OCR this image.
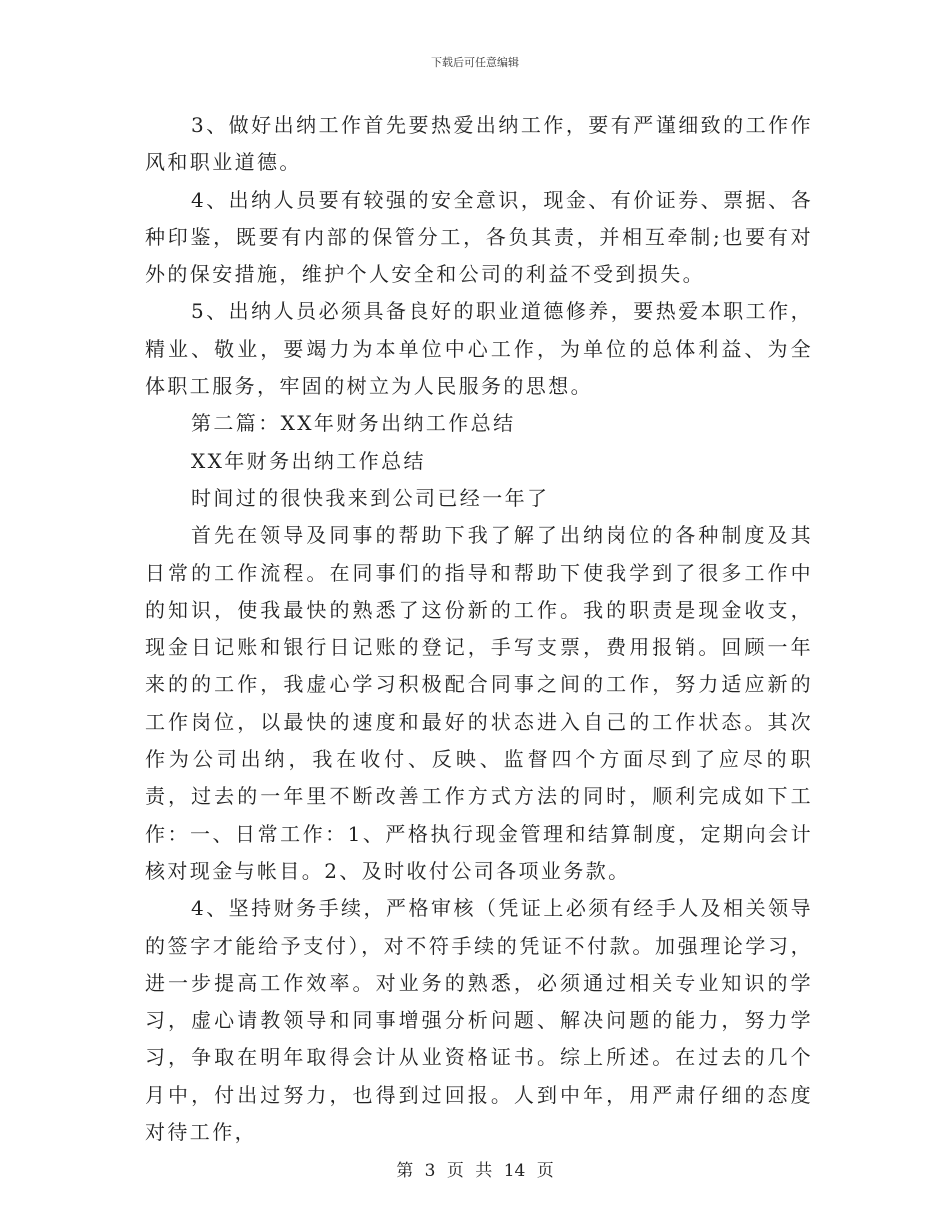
下载后可任意编辑

3、做好出纳工作首先要热爱出纳工作，要有严谨细致的工作作风和职业道德。

4、出纳人员要有较强的安全意识，现金、有价证券、票据、各种印鉴，既要有内部的保管分工，各负其责，并相互牵制;也要有对外的保安措施，维护个人安全和公司的利益不受到损失。

5、出纳人员必须具备良好的职业道德修养，要热爱本职工作，精业、敬业，要竭力为本单位中心工作，为单位的总体利益、为全体职工服务，牢固的树立为人民服务的思想。

第二篇：XX年财务出纳工作总结

XX年财务出纳工作总结

时间过的很快我来到公司已经一年了

首先在领导及同事的帮助下我了解了出纳岗位的各种制度及其日常的工作流程。在同事们的指导和帮助下使我学到了很多工作中的知识，使我最快的熟悉了这份新的工作。我的职责是现金收支，现金日记账和银行日记账的登记，手写支票，费用报销。回顾一年来的的工作，我虚心学习积极配合同事之间的工作，努力适应新的工作岗位，以最快的速度和最好的状态进入自己的工作状态。其次作为公司出纳，我在收付、反映、监督四个方面尽到了应尽的职责，过去的一年里不断改善工作方式方法的同时，顺利完成如下工作：一、日常工作：1、严格执行现金管理和结算制度，定期向会计核对现金与帐目。2、及时收付公司各项业务款。

4、坚持财务手续，严格审核（凭证上必须有经手人及相关领导的签字才能给予支付），对不符手续的凭证不付款。加强理论学习，进一步提高工作效率。对业务的熟悉，必须通过相关专业知识的学习，虚心请教领导和同事增强分析问题、解决问题的能力，努力学习，争取在明年取得会计从业资格证书。综上所述。在过去的几个月中，付出过努力，也得到过回报。人到中年，用严肃仔细的态度对待工作，

第 3 页 共 14 页
